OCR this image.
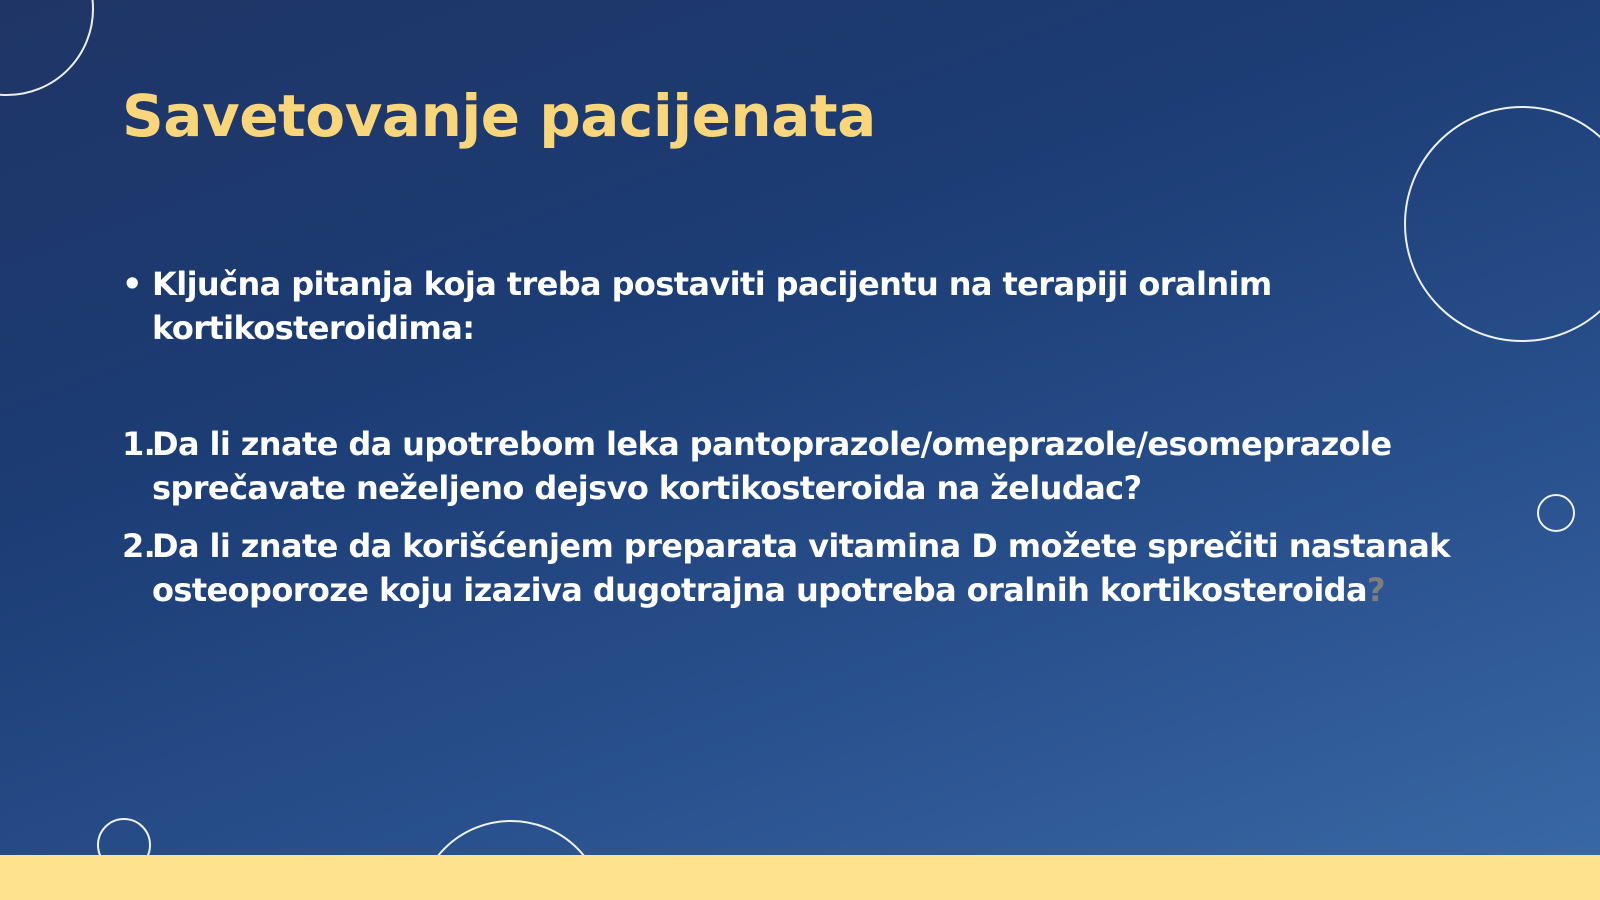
Savetovanje pacijenata
• Ključna pitanja koja treba postaviti pacijentu na terapiji oralnim kortikosteroidima:
1.
Da li znate da upotrebom leka pantoprazole/omeprazole/esomeprazole sprečavate neželjeno dejsvo kortikosteroida na želudac?
2.
Da li znate da korišćenjem preparata vitamina D možete sprečiti nastanak osteoporoze koju izaziva dugotrajna upotreba oralnih kortikosteroida?
